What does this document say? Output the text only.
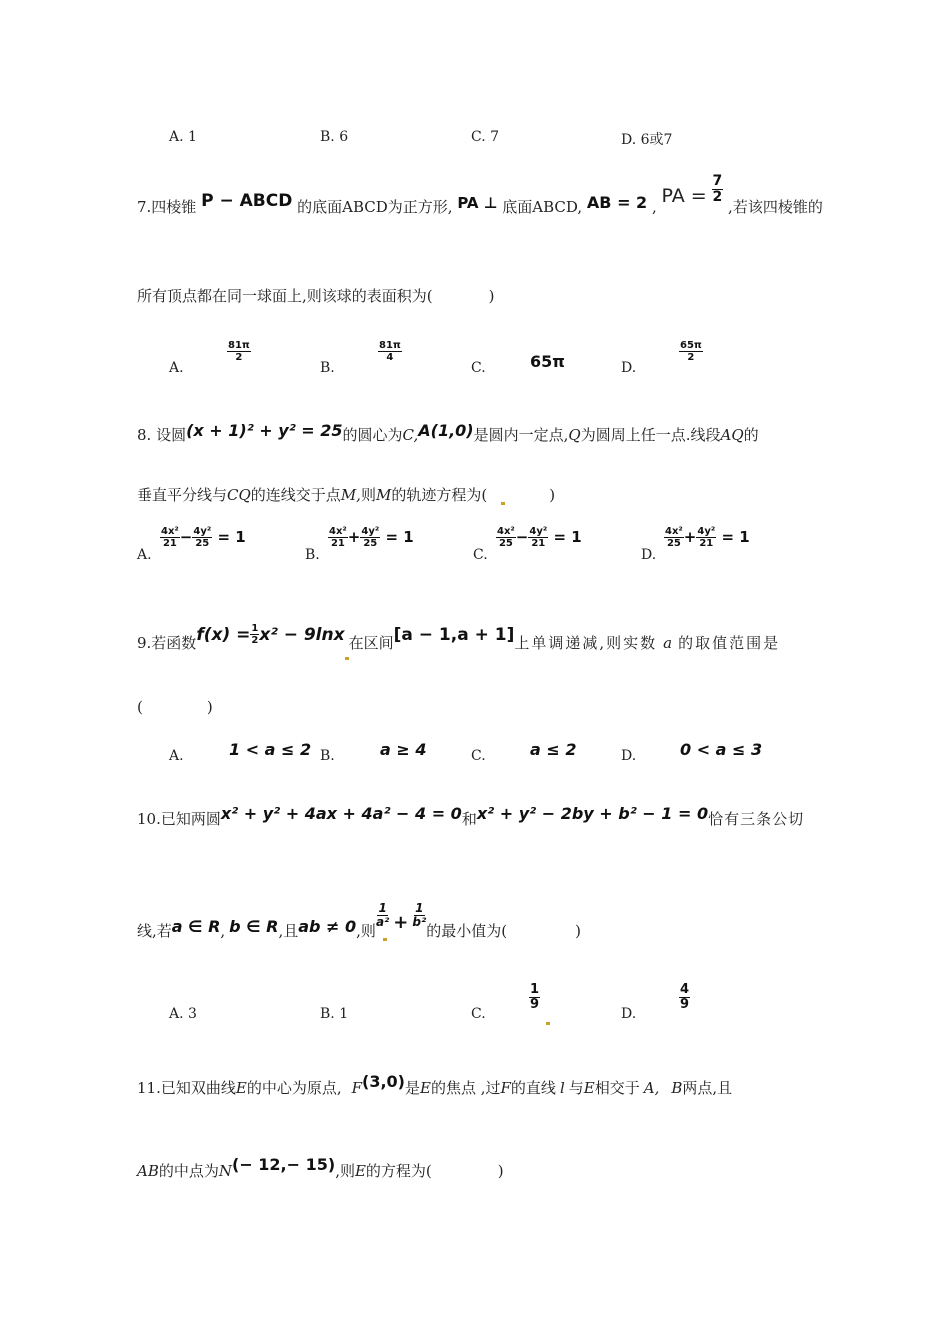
A. 1	B. 6	C. 7	D. 6或7
7.四棱锥 P − ABCD 的底面ABCD为正方形, PA ⊥ 底面ABCD, AB = 2 , PA = $\frac{7}{2}$
,若该四棱锥的
所有顶点都在同一球面上,则该球的表面积为(	)
A.
$\frac{81\pi}{2}$
B.
$\frac{81\pi}{4}$
C.	65π	D.
$\frac{65\pi}{2}$
8. 设圆(x + 1)² + y² = 25的圆心为C,A(1,0)是圆内一定点,Q为圆周上任一点.线段AQ的
垂直平分线与CQ的连线交于点M,则M的轨迹方程为(	)
A.
$\frac{\text{4x²}}{21} - \frac{\text{4y²}}{25} = 1$
B.
$\frac{\text{4x²}}{21} + \frac{\text{4y²}}{25} = 1$
C.
$\frac{\text{4x²}}{25} - \frac{\text{4y²}}{21} = 1$
D.
$\frac{\text{4x²}}{25} + \frac{\text{4y²}}{21} = 1$
9.若函数$f(x) = \frac{1}{2} x^2 - 9\ln x$ 在区间[a − 1,a + 1]上单调递减,则实数 a 的取值范围是
(	)
A.	1 < a ≤ 2 B.	a ≥ 4	C.	a ≤ 2	D.	0 < a ≤ 3
10.已知两圆x² + y² + 4ax + 4a² − 4 = 0和x² + y² − 2by + b² − 1 = 0恰有三条公切
线,若a ∈ R, b ∈ R,且ab ≠ 0,则
$\frac{1}{\text{a²}} + \frac{1}{\text{b²}}$
的最小值为(	)
A. 3	B. 1	C.
$\frac{1}{9}$
D.
$\frac{4}{9}$
11.已知双曲线E的中心为原点, F(3,0)是E的焦点 ,过F的直线 l 与E相交于 A, B两点,且
AB的中点为N(− 12,− 15),则E的方程为(	)
